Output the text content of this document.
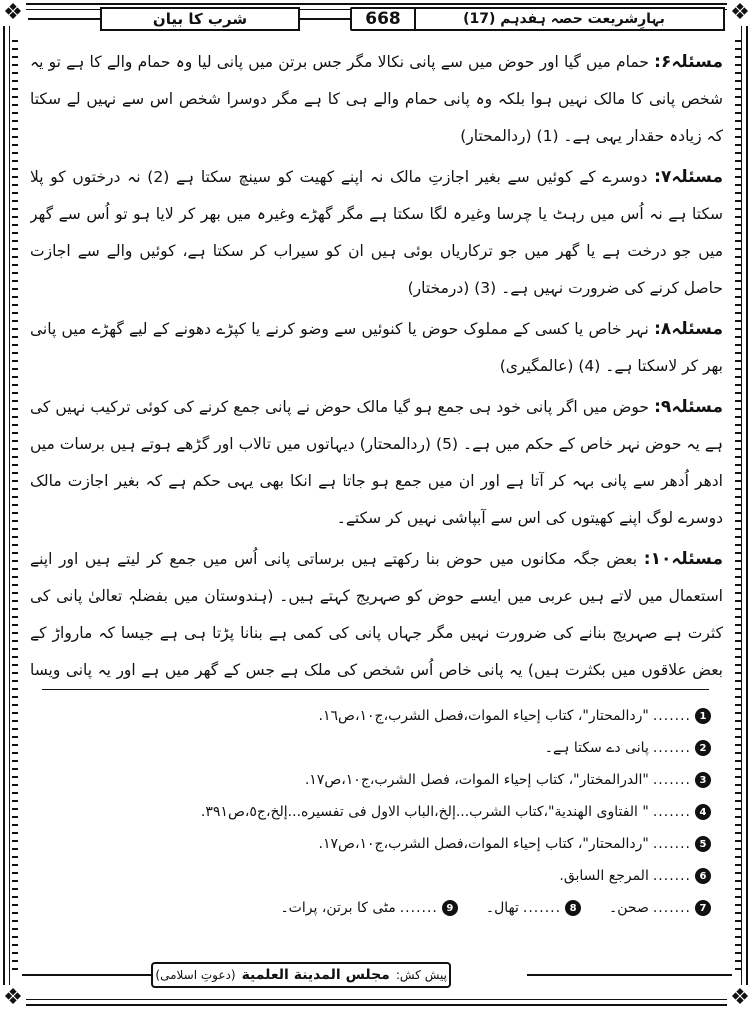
❖	❖
❖	❖
بہارِشریعت حصہ ہفدہم (17)
668
شرب کا بیان

مسئلہ۶: حمام میں گیا اور حوض میں سے پانی نکالا مگر جس برتن میں پانی لیا وہ حمام والے کا ہے تو یہ شخص پانی کا مالک نہیں ہوا بلکہ وہ پانی حمام والے ہی کا ہے مگر دوسرا شخص اس سے نہیں لے سکتا کہ زیادہ حقدار یہی ہے۔ (1) (ردالمحتار)

مسئلہ۷: دوسرے کے کوئیں سے بغیر اجازتِ مالک نہ اپنے کھیت کو سینچ سکتا ہے (2) نہ درختوں کو پلا سکتا ہے نہ اُس میں رہٹ یا چرسا وغیرہ لگا سکتا ہے مگر گھڑے وغیرہ میں بھر کر لایا ہو تو اُس سے گھر میں جو درخت ہے یا گھر میں جو ترکاریاں بوئی ہیں ان کو سیراب کر سکتا ہے، کوئیں والے سے اجازت حاصل کرنے کی ضرورت نہیں ہے۔ (3) (درمختار)

مسئلہ۸: نہر خاص یا کسی کے مملوک حوض یا کنوئیں سے وضو کرنے یا کپڑے دھونے کے لیے گھڑے میں پانی بھر کر لاسکتا ہے۔ (4) (عالمگیری)

مسئلہ۹: حوض میں اگر پانی خود ہی جمع ہو گیا مالک حوض نے پانی جمع کرنے کی کوئی ترکیب نہیں کی ہے یہ حوض نہر خاص کے حکم میں ہے۔ (5) (ردالمحتار) دیہاتوں میں تالاب اور گڑھے ہوتے ہیں برسات میں ادھر اُدھر سے پانی بہہ کر آتا ہے اور ان میں جمع ہو جاتا ہے انکا بھی یہی حکم ہے کہ بغیر اجازت مالک دوسرے لوگ اپنے کھیتوں کی اس سے آبپاشی نہیں کر سکتے۔

مسئلہ۱۰: بعض جگہ مکانوں میں حوض بنا رکھتے ہیں برساتی پانی اُس میں جمع کر لیتے ہیں اور اپنے استعمال میں لاتے ہیں عربی میں ایسے حوض کو صہریج کہتے ہیں۔ (ہندوستان میں بفضلہٖ تعالیٰ پانی کی کثرت ہے صہریج بنانے کی ضرورت نہیں مگر جہاں پانی کی کمی ہے بنانا پڑتا ہی ہے جیسا کہ مارواڑ کے بعض علاقوں میں بکثرت ہیں) یہ پانی خاص اُس شخص کی ملک ہے جس کے گھر میں ہے اور یہ پانی ویسا

1
.......
"ردالمحتار"، كتاب إحياء الموات،فصل الشرب،ج١٠،ص١٦.
2
.......
پانی دے سکتا ہے۔
3
.......
"الدرالمختار"، كتاب إحياء الموات، فصل الشرب،ج١٠،ص١٧.
4
.......
" الفتاوى الهندية"،كتاب الشرب...إلخ،الباب الاول فى تفسيره...إلخ،ج٥،ص٣٩١.
5
.......
"ردالمحتار"، كتاب إحياء الموات،فصل الشرب،ج١٠،ص١٧.
6
.......
المرجع السابق.
7
.......
صحن۔
8
.......
تھال۔
9
.......
مٹی کا برتن، پرات۔
پیش کش:
مجلس المدينة العلمية
(دعوتِ اسلامی)
